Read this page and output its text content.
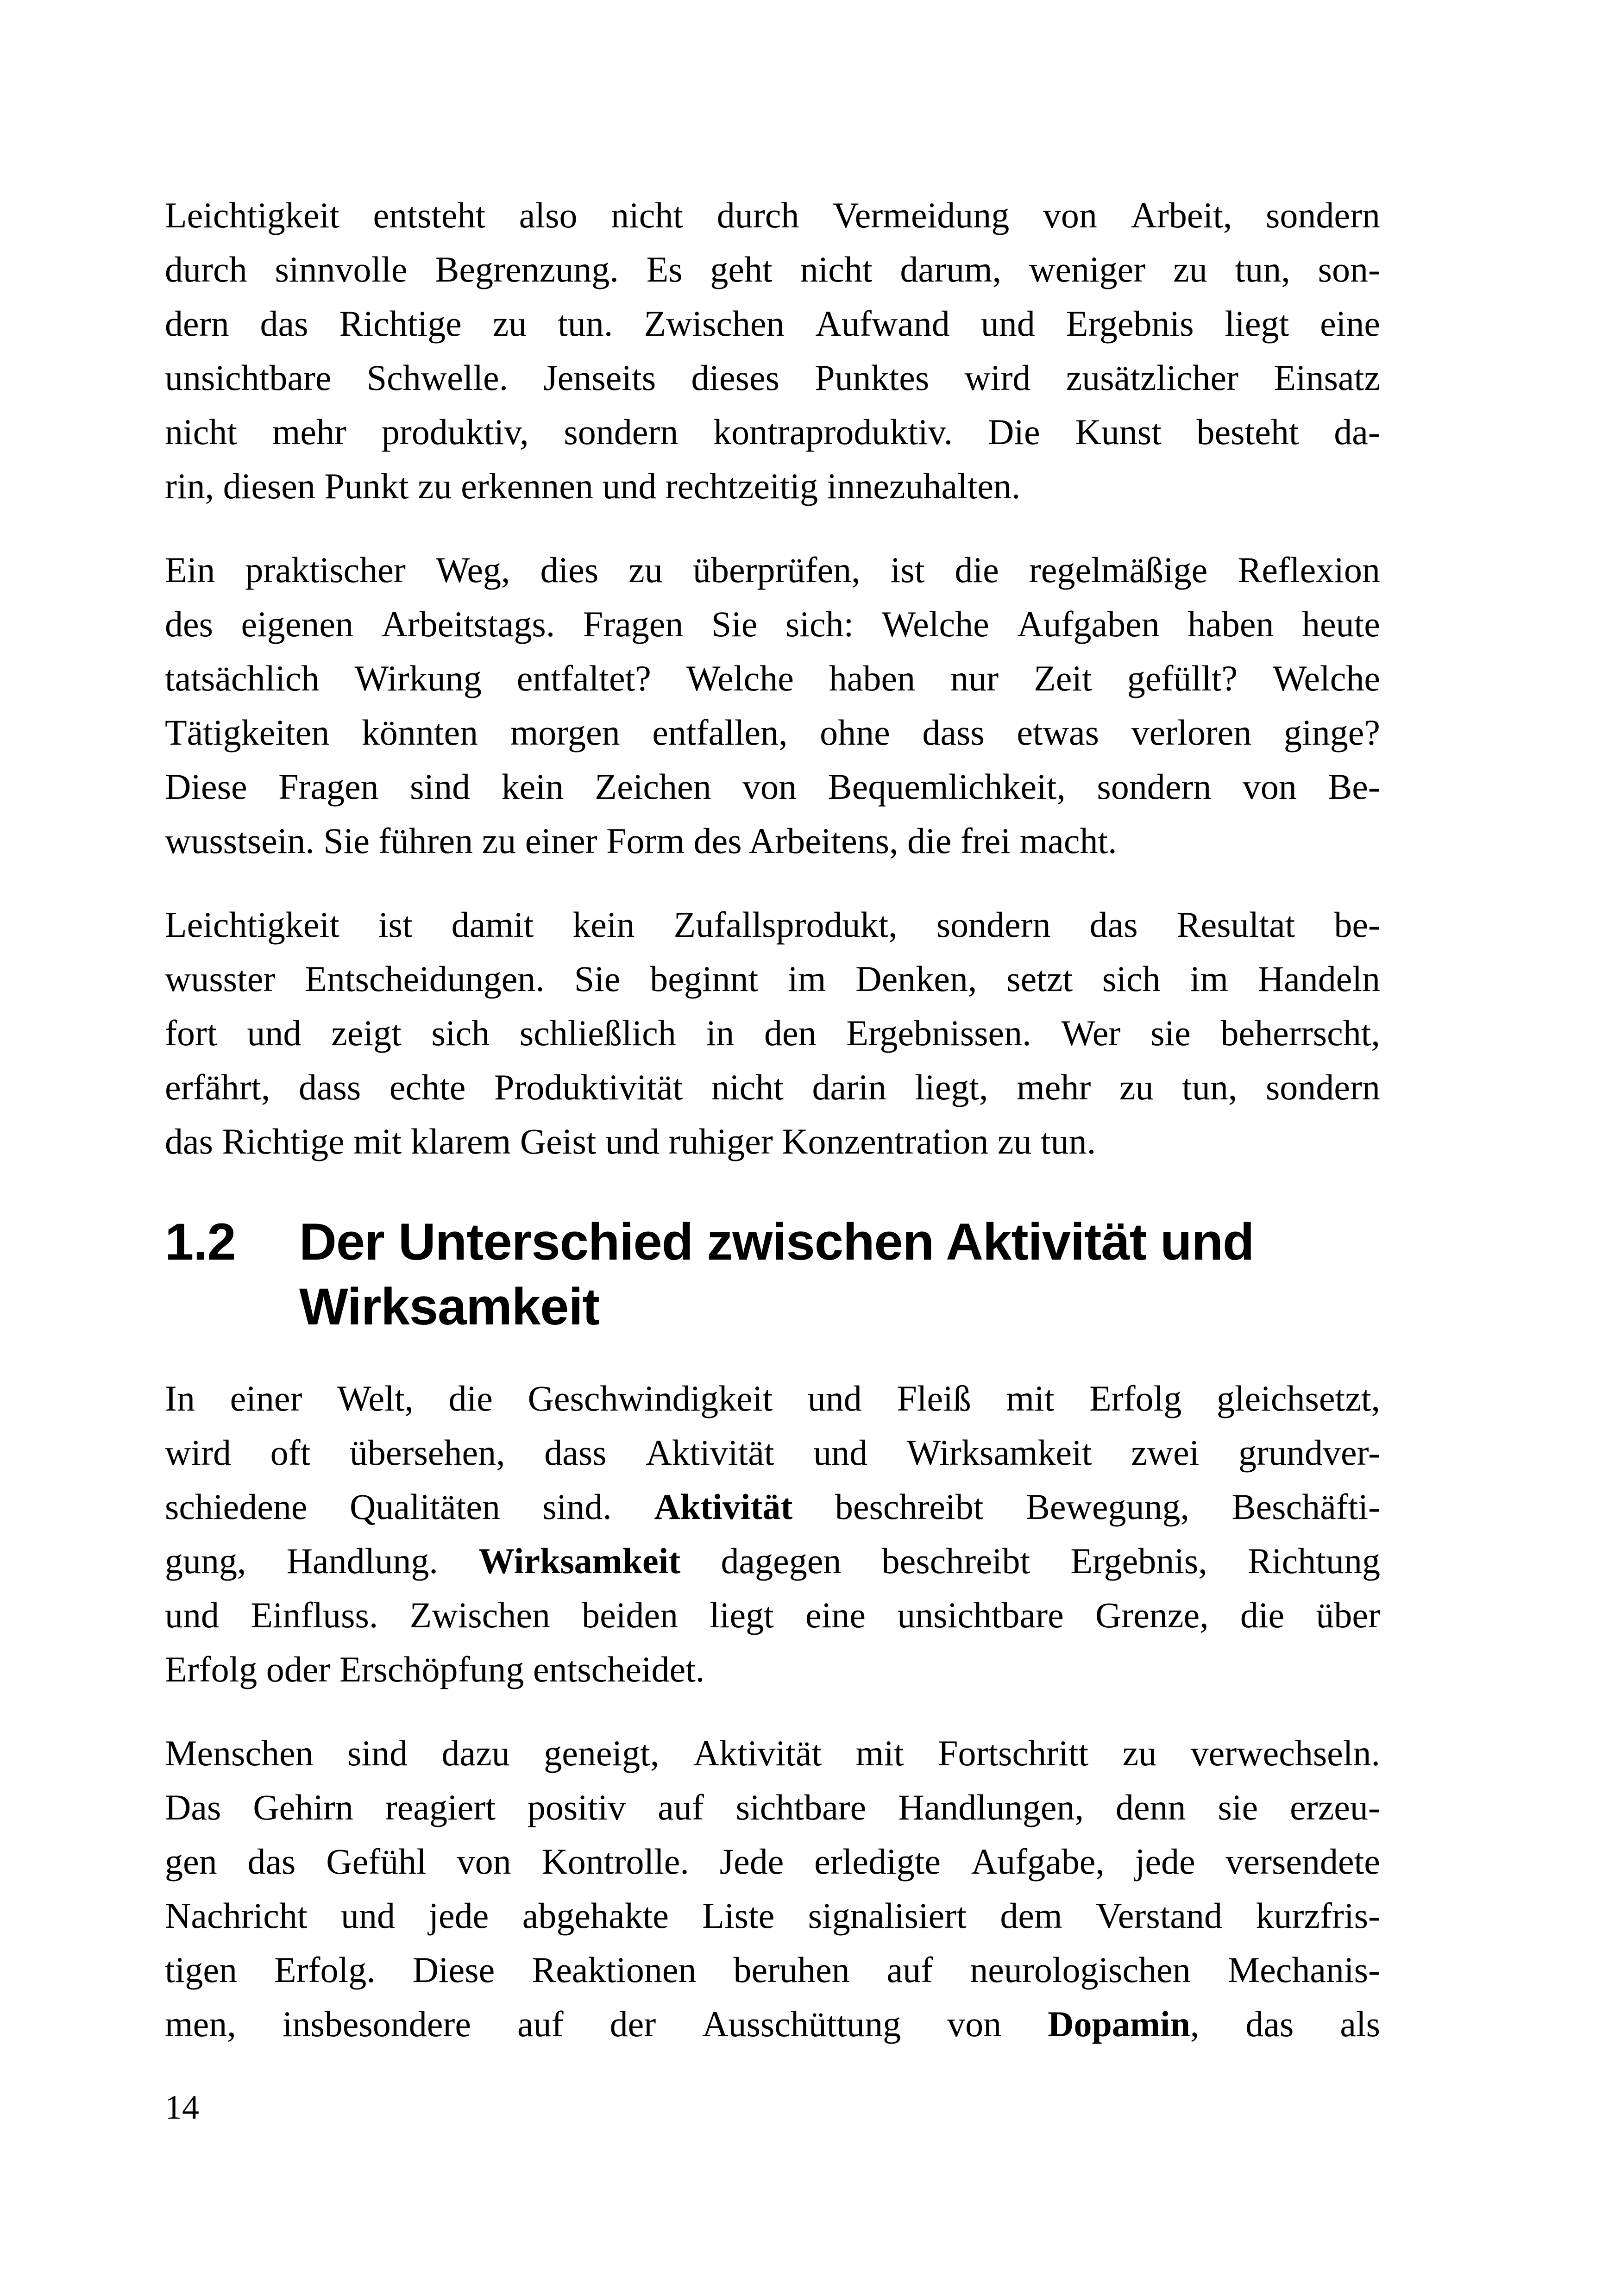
Leichtigkeit entsteht also nicht durch Vermeidung von Arbeit, sondern
durch sinnvolle Begrenzung. Es geht nicht darum, weniger zu tun, son-
dern das Richtige zu tun. Zwischen Aufwand und Ergebnis liegt eine
unsichtbare Schwelle. Jenseits dieses Punktes wird zusätzlicher Einsatz
nicht mehr produktiv, sondern kontraproduktiv. Die Kunst besteht da-
rin, diesen Punkt zu erkennen und rechtzeitig innezuhalten.
Ein praktischer Weg, dies zu überprüfen, ist die regelmäßige Reflexion
des eigenen Arbeitstags. Fragen Sie sich: Welche Aufgaben haben heute
tatsächlich Wirkung entfaltet? Welche haben nur Zeit gefüllt? Welche
Tätigkeiten könnten morgen entfallen, ohne dass etwas verloren ginge?
Diese Fragen sind kein Zeichen von Bequemlichkeit, sondern von Be-
wusstsein. Sie führen zu einer Form des Arbeitens, die frei macht.
Leichtigkeit ist damit kein Zufallsprodukt, sondern das Resultat be-
wusster Entscheidungen. Sie beginnt im Denken, setzt sich im Handeln
fort und zeigt sich schließlich in den Ergebnissen. Wer sie beherrscht,
erfährt, dass echte Produktivität nicht darin liegt, mehr zu tun, sondern
das Richtige mit klarem Geist und ruhiger Konzentration zu tun.
1.2	Der Unterschied zwischen Aktivität und
Wirksamkeit
In einer Welt, die Geschwindigkeit und Fleiß mit Erfolg gleichsetzt,
wird oft übersehen, dass Aktivität und Wirksamkeit zwei grundver-
schiedene Qualitäten sind. Aktivität beschreibt Bewegung, Beschäfti-
gung, Handlung. Wirksamkeit dagegen beschreibt Ergebnis, Richtung
und Einfluss. Zwischen beiden liegt eine unsichtbare Grenze, die über
Erfolg oder Erschöpfung entscheidet.
Menschen sind dazu geneigt, Aktivität mit Fortschritt zu verwechseln.
Das Gehirn reagiert positiv auf sichtbare Handlungen, denn sie erzeu-
gen das Gefühl von Kontrolle. Jede erledigte Aufgabe, jede versendete
Nachricht und jede abgehakte Liste signalisiert dem Verstand kurzfris-
tigen Erfolg. Diese Reaktionen beruhen auf neurologischen Mechanis-
men, insbesondere auf der Ausschüttung von Dopamin, das als
14
